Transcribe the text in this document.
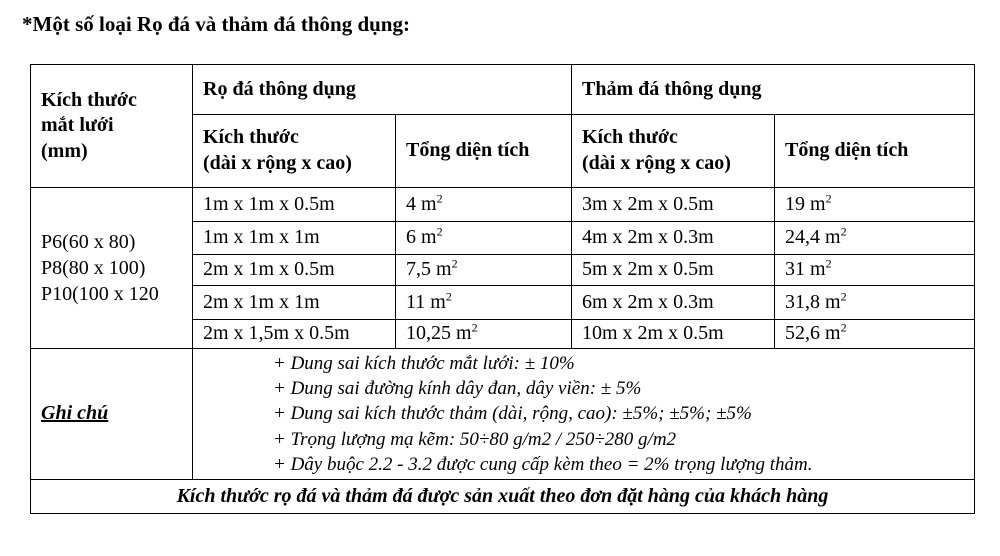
*Một số loại Rọ đá và thảm đá thông dụng:
Kích thước
mắt lưới
(mm)	Rọ đá thông dụng		Thảm đá thông dụng	
	Kích thước
(dài x rộng x cao)	Tổng diện tích	Kích thước
(dài x rộng x cao)	Tổng diện tích
P6(60 x 80)
P8(80 x 100)
P10(100 x 120	1m x 1m x 0.5m	4 $m^2$	3m x 2m x 0.5m	19 $m^2$
	1m x 1m x 1m	6 $m^2$	4m x 2m x 0.3m	24,4 $m^2$
	2m x 1m x 0.5m	7,5 $m^2$	5m x 2m x 0.5m	31 $m^2$
	2m x 1m x 1m	11 $m^2$	6m x 2m x 0.3m	31,8 $m^2$
	2m x 1,5m x 0.5m	10,25 $m^2$	10m x 2m x 0.5m	52,6 $m^2$
Ghi chú	+ Dung sai kích thước mắt lưới: ± 10%
+ Dung sai đường kính dây đan, dây viền: ± 5%
+ Dung sai kích thước thảm (dài, rộng, cao): ±5%; ±5%; ±5%
+ Trọng lượng mạ kẽm: 50÷80 g/m2 / 250÷280 g/m2
+ Dây buộc 2.2 - 3.2 được cung cấp kèm theo = 2% trọng lượng thảm.			

Kích thước rọ đá và thảm đá được sản xuất theo đơn đặt hàng của khách hàng				
